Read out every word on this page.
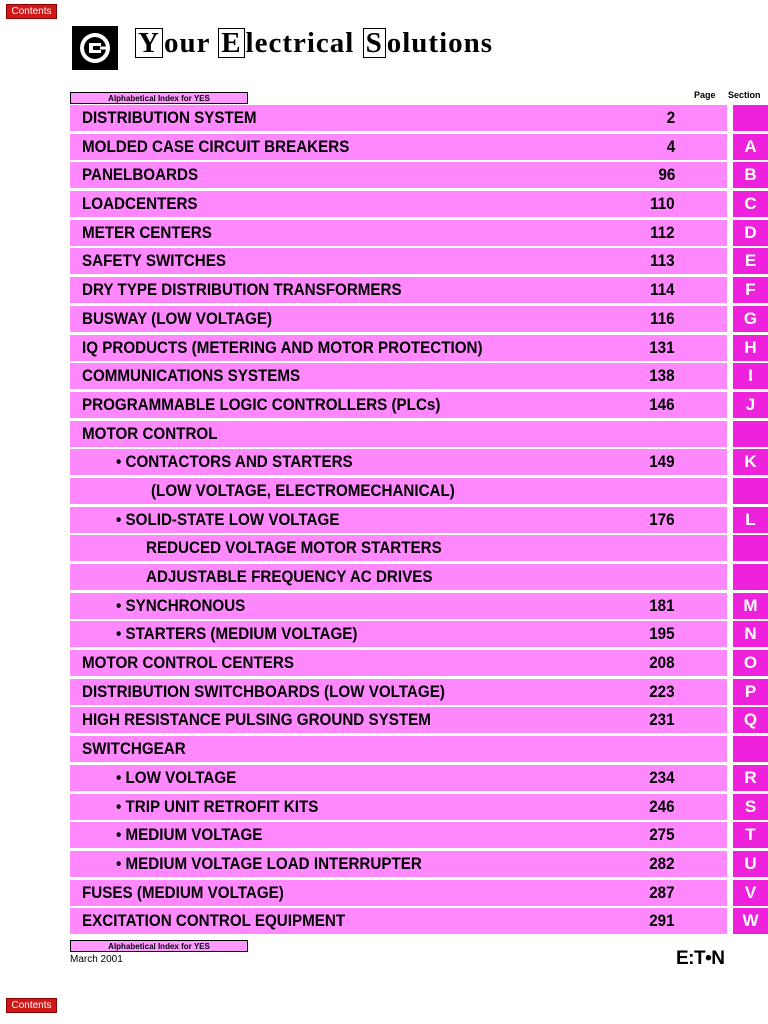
Contents
Y our E lectrical S olutions
Alphabetical Index for YES	Page Section
DISTRIBUTION SYSTEM	2
MOLDED CASE CIRCUIT BREAKERS	4	A
PANELBOARDS	96	B
LOADCENTERS	110	C
METER CENTERS	112	D
SAFETY SWITCHES	113	E
DRY TYPE DISTRIBUTION TRANSFORMERS	114	F
BUSWAY (LOW VOLTAGE)	116	G
IQ PRODUCTS (METERING AND MOTOR PROTECTION)	131	H
COMMUNICATIONS SYSTEMS	138	I
PROGRAMMABLE LOGIC CONTROLLERS (PLCs)	146	J
MOTOR CONTROL
• CONTACTORS AND STARTERS	149	K
(LOW VOLTAGE, ELECTROMECHANICAL)
• SOLID-STATE LOW VOLTAGE	176	L
REDUCED VOLTAGE MOTOR STARTERS
ADJUSTABLE FREQUENCY AC DRIVES
• SYNCHRONOUS	181	M
• STARTERS (MEDIUM VOLTAGE)	195	N
MOTOR CONTROL CENTERS	208	O
DISTRIBUTION SWITCHBOARDS (LOW VOLTAGE)	223	P
HIGH RESISTANCE PULSING GROUND SYSTEM	231	Q
SWITCHGEAR
• LOW VOLTAGE	234	R
• TRIP UNIT RETROFIT KITS	246	S
• MEDIUM VOLTAGE	275	T
• MEDIUM VOLTAGE LOAD INTERRUPTER	282	U
FUSES (MEDIUM VOLTAGE)	287	V
EXCITATION CONTROL EQUIPMENT	291	W
Alphabetical Index for YES
March 2001	E:T•N
Contents
